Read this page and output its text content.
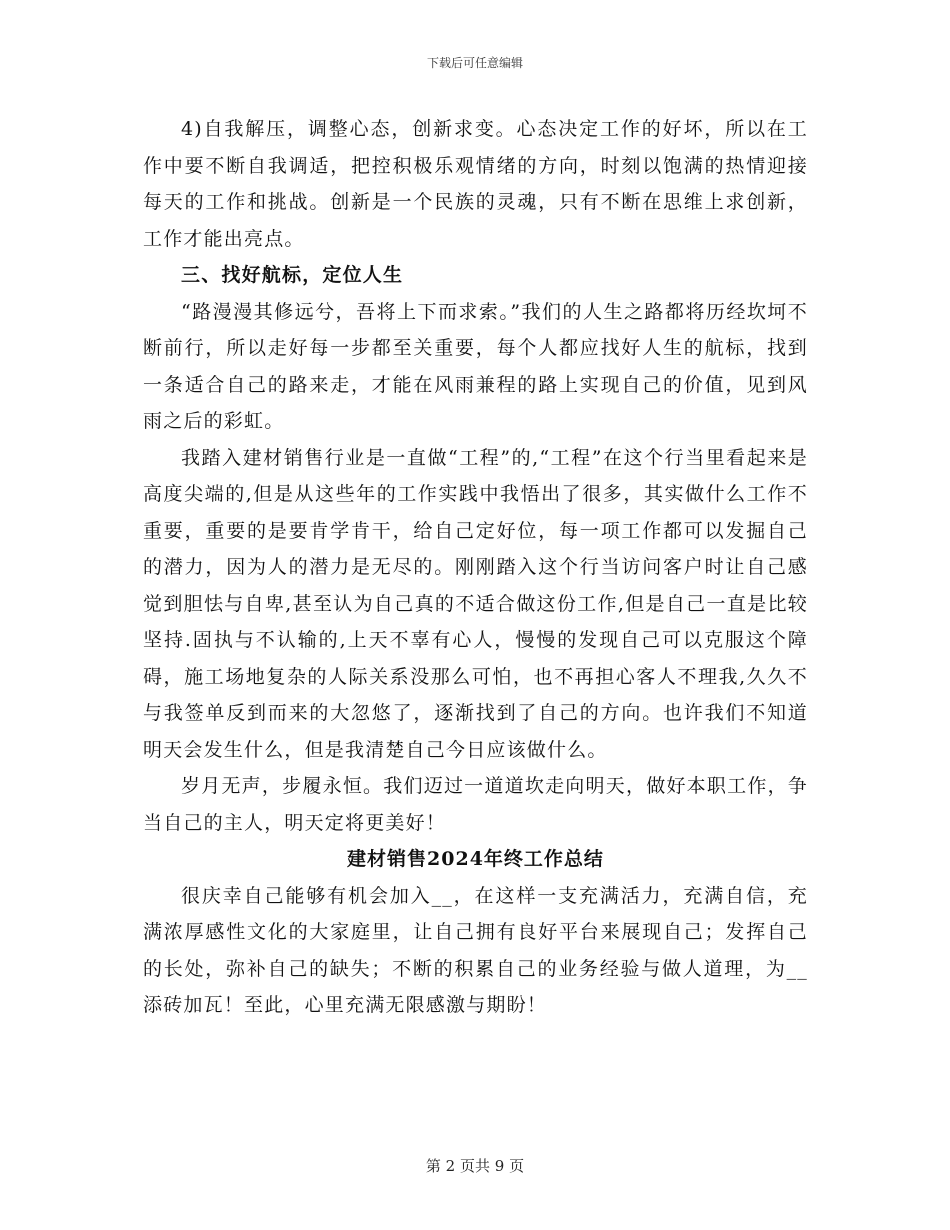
下载后可任意编辑

4)自我解压，调整心态，创新求变。心态决定工作的好坏，所以在工作中要不断自我调适，把控积极乐观情绪的方向，时刻以饱满的热情迎接每天的工作和挑战。创新是一个民族的灵魂，只有不断在思维上求创新，工作才能出亮点。

三、找好航标，定位人生

“路漫漫其修远兮，吾将上下而求索。”我们的人生之路都将历经坎坷不断前行，所以走好每一步都至关重要，每个人都应找好人生的航标，找到一条适合自己的路来走，才能在风雨兼程的路上实现自己的价值，见到风雨之后的彩虹。

我踏入建材销售行业是一直做“工程”的,“工程”在这个行当里看起来是高度尖端的,但是从这些年的工作实践中我悟出了很多，其实做什么工作不重要，重要的是要肯学肯干，给自己定好位，每一项工作都可以发掘自己的潜力，因为人的潜力是无尽的。刚刚踏入这个行当访问客户时让自己感觉到胆怯与自卑,甚至认为自己真的不适合做这份工作,但是自己一直是比较坚持.固执与不认输的,上天不辜有心人，慢慢的发现自己可以克服这个障碍，施工场地复杂的人际关系没那么可怕，也不再担心客人不理我,久久不与我签单反到而来的大忽悠了，逐渐找到了自己的方向。也许我们不知道明天会发生什么，但是我清楚自己今日应该做什么。

岁月无声，步履永恒。我们迈过一道道坎走向明天，做好本职工作，争当自己的主人，明天定将更美好！

建材销售2024年终工作总结

很庆幸自己能够有机会加入__，在这样一支充满活力，充满自信，充满浓厚感性文化的大家庭里，让自己拥有良好平台来展现自己；发挥自己的长处，弥补自己的缺失；不断的积累自己的业务经验与做人道理，为__添砖加瓦！至此，心里充满无限感激与期盼！

第 2 页共 9 页
